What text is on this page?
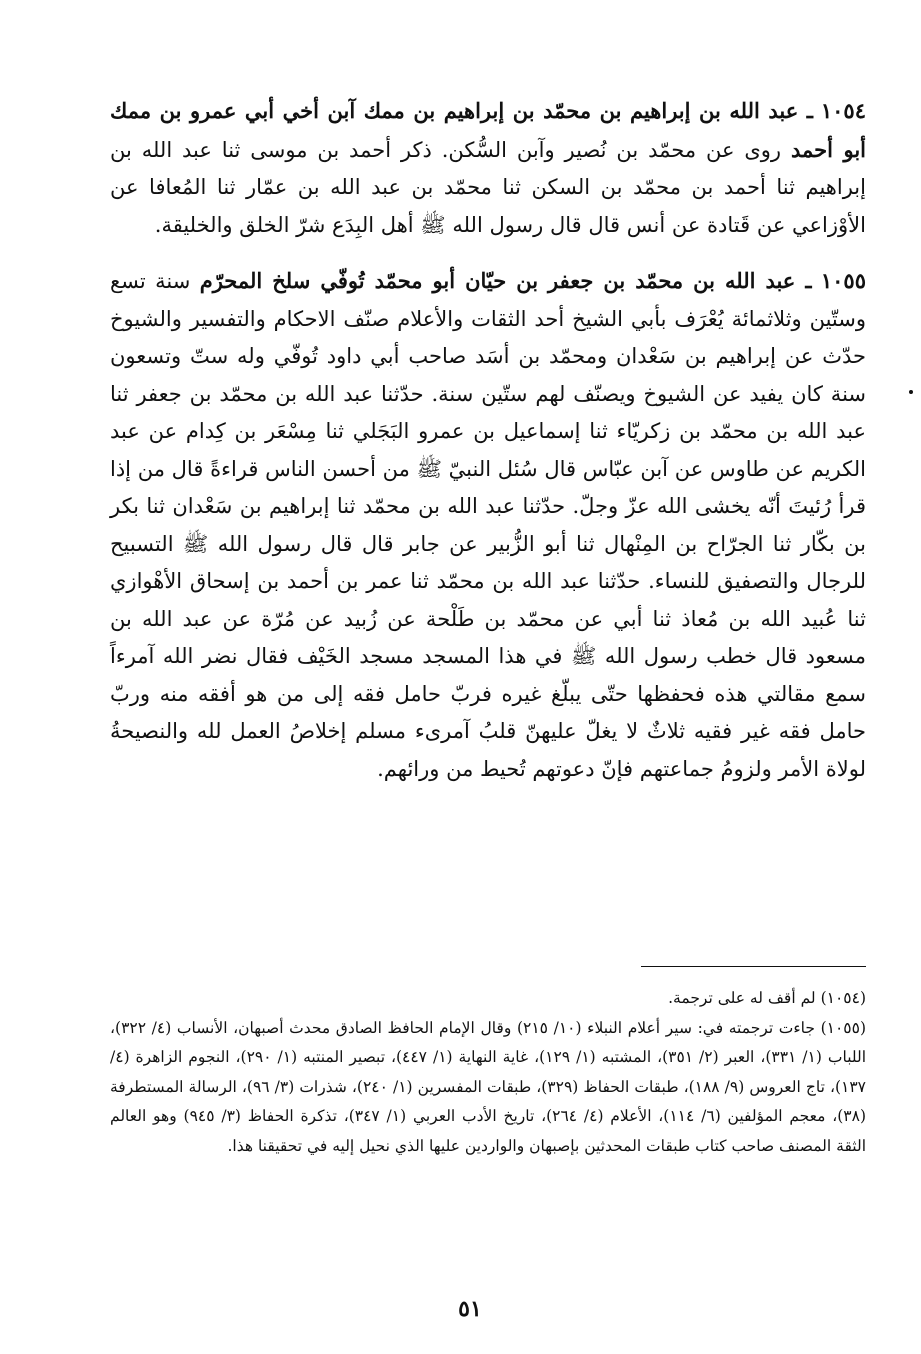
١٠٥٤ ـ عبد الله بن إبراهيم بن محمّد بن إبراهيم بن ممك آبن أخي أبي عمرو بن ممك أبو أحمد روى عن محمّد بن نُصير وآبن السُّكن. ذكر أحمد بن موسى ثنا عبد الله بن إبراهيم ثنا أحمد بن محمّد بن السكن ثنا محمّد بن عبد الله بن عمّار ثنا المُعافا عن الأوْزاعي عن قَتادة عن أنس قال قال رسول الله ﷺ أهل البِدَع شرّ الخلق والخليقة.

١٠٥٥ ـ عبد الله بن محمّد بن جعفر بن حيّان أبو محمّد تُوفّي سلخ المحرّم سنة تسع وستّين وثلاثمائة يُعْرَف بأبي الشيخ أحد الثقات والأعلام صنّف الاحكام والتفسير والشيوخ حدّث عن إبراهيم بن سَعْدان ومحمّد بن أسَد صاحب أبي داود تُوفّي وله ستّ وتسعون سنة كان يفيد عن الشيوخ ويصنّف لهم ستّين سنة. حدّثنا عبد الله بن محمّد بن جعفر ثنا عبد الله بن محمّد بن زكريّاء ثنا إسماعيل بن عمرو البَجَلي ثنا مِسْعَر بن كِدام عن عبد الكريم عن طاوس عن آبن عبّاس قال سُئل النبيّ ﷺ من أحسن الناس قراءةً قال من إذا قرأ رُئيتَ أنّه يخشى الله عزّ وجلّ. حدّثنا عبد الله بن محمّد ثنا إبراهيم بن سَعْدان ثنا بكر بن بكّار ثنا الجرّاح بن المِنْهال ثنا أبو الزُّبير عن جابر قال قال رسول الله ﷺ التسبيح للرجال والتصفيق للنساء. حدّثنا عبد الله بن محمّد ثنا عمر بن أحمد بن إسحاق الأهْوازي ثنا عُبيد الله بن مُعاذ ثنا أبي عن محمّد بن طَلْحة عن زُبيد عن مُرّة عن عبد الله بن مسعود قال خطب رسول الله ﷺ في هذا المسجد مسجد الخَيْف فقال نضر الله آمرءاً سمع مقالتي هذه فحفظها حتّى يبلّغ غيره فربّ حامل فقه إلى من هو أفقه منه وربّ حامل فقه غير فقيه ثلاثٌ لا يغلّ عليهنّ قلبُ آمرىء مسلم إخلاصُ العمل لله والنصيحةُ لولاة الأمر ولزومُ جماعتهم فإنّ دعوتهم تُحيط من ورائهم.

(١٠٥٤) لم أقف له على ترجمة.

(١٠٥٥) جاءت ترجمته في: سير أعلام النبلاء (١٠/ ٢١٥) وقال الإمام الحافظ الصادق محدث أصبهان، الأنساب (٤/ ٣٢٢)، اللباب (١/ ٣٣١)، العبر (٢/ ٣٥١)، المشتبه (١/ ١٢٩)، غاية النهاية (١/ ٤٤٧)، تبصير المنتبه (١/ ٢٩٠)، النجوم الزاهرة (٤/ ١٣٧)، تاج العروس (٩/ ١٨٨)، طبقات الحفاظ (٣٢٩)، طبقات المفسرين (١/ ٢٤٠)، شذرات (٣/ ٩٦)، الرسالة المستطرفة (٣٨)، معجم المؤلفين (٦/ ١١٤)، الأعلام (٤/ ٢٦٤)، تاريخ الأدب العربي (١/ ٣٤٧)، تذكرة الحفاظ (٣/ ٩٤٥) وهو العالم الثقة المصنف صاحب كتاب طبقات المحدثين بإصبهان والواردين عليها الذي نحيل إليه في تحقيقنا هذا.

٥١
